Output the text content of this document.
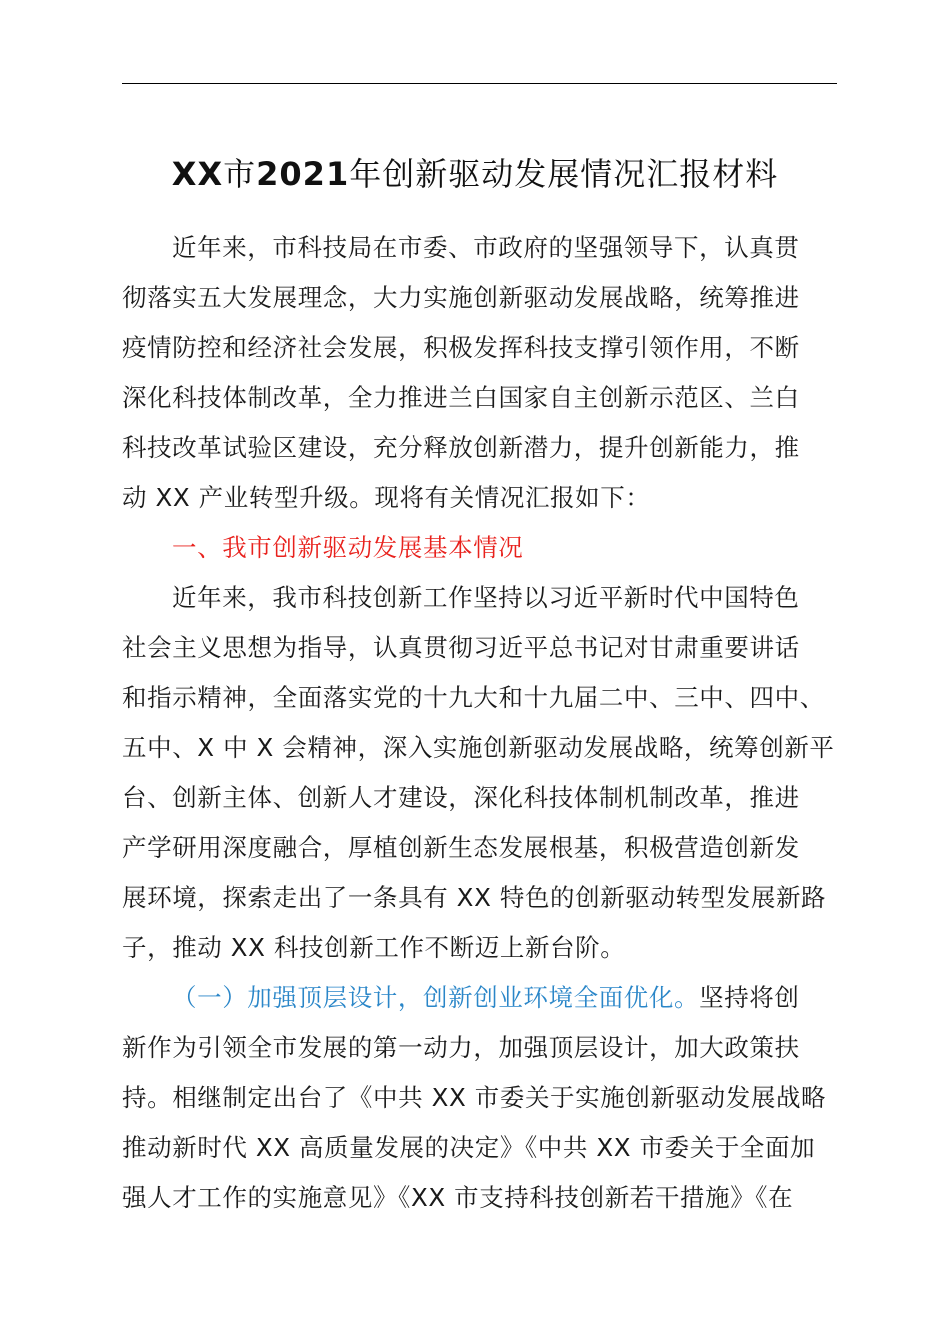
XX市2021年创新驱动发展情况汇报材料
近年来，市科技局在市委、市政府的坚强领导下，认真贯
彻落实五大发展理念，大力实施创新驱动发展战略，统筹推进
疫情防控和经济社会发展，积极发挥科技支撑引领作用，不断
深化科技体制改革，全力推进兰白国家自主创新示范区、兰白
科技改革试验区建设，充分释放创新潜力，提升创新能力，推
动 XX 产业转型升级。现将有关情况汇报如下：
一、我市创新驱动发展基本情况
近年来，我市科技创新工作坚持以习近平新时代中国特色
社会主义思想为指导，认真贯彻习近平总书记对甘肃重要讲话
和指示精神，全面落实党的十九大和十九届二中、三中、四中、
五中、X 中 X 会精神，深入实施创新驱动发展战略，统筹创新平
台、创新主体、创新人才建设，深化科技体制机制改革，推进
产学研用深度融合，厚植创新生态发展根基，积极营造创新发
展环境，探索走出了一条具有 XX 特色的创新驱动转型发展新路
子，推动 XX 科技创新工作不断迈上新台阶。
（一）加强顶层设计，创新创业环境全面优化。坚持将创
新作为引领全市发展的第一动力，加强顶层设计，加大政策扶
持。相继制定出台了《中共 XX 市委关于实施创新驱动发展战略
推动新时代 XX 高质量发展的决定》《中共 XX 市委关于全面加
强人才工作的实施意见》《XX 市支持科技创新若干措施》《在
